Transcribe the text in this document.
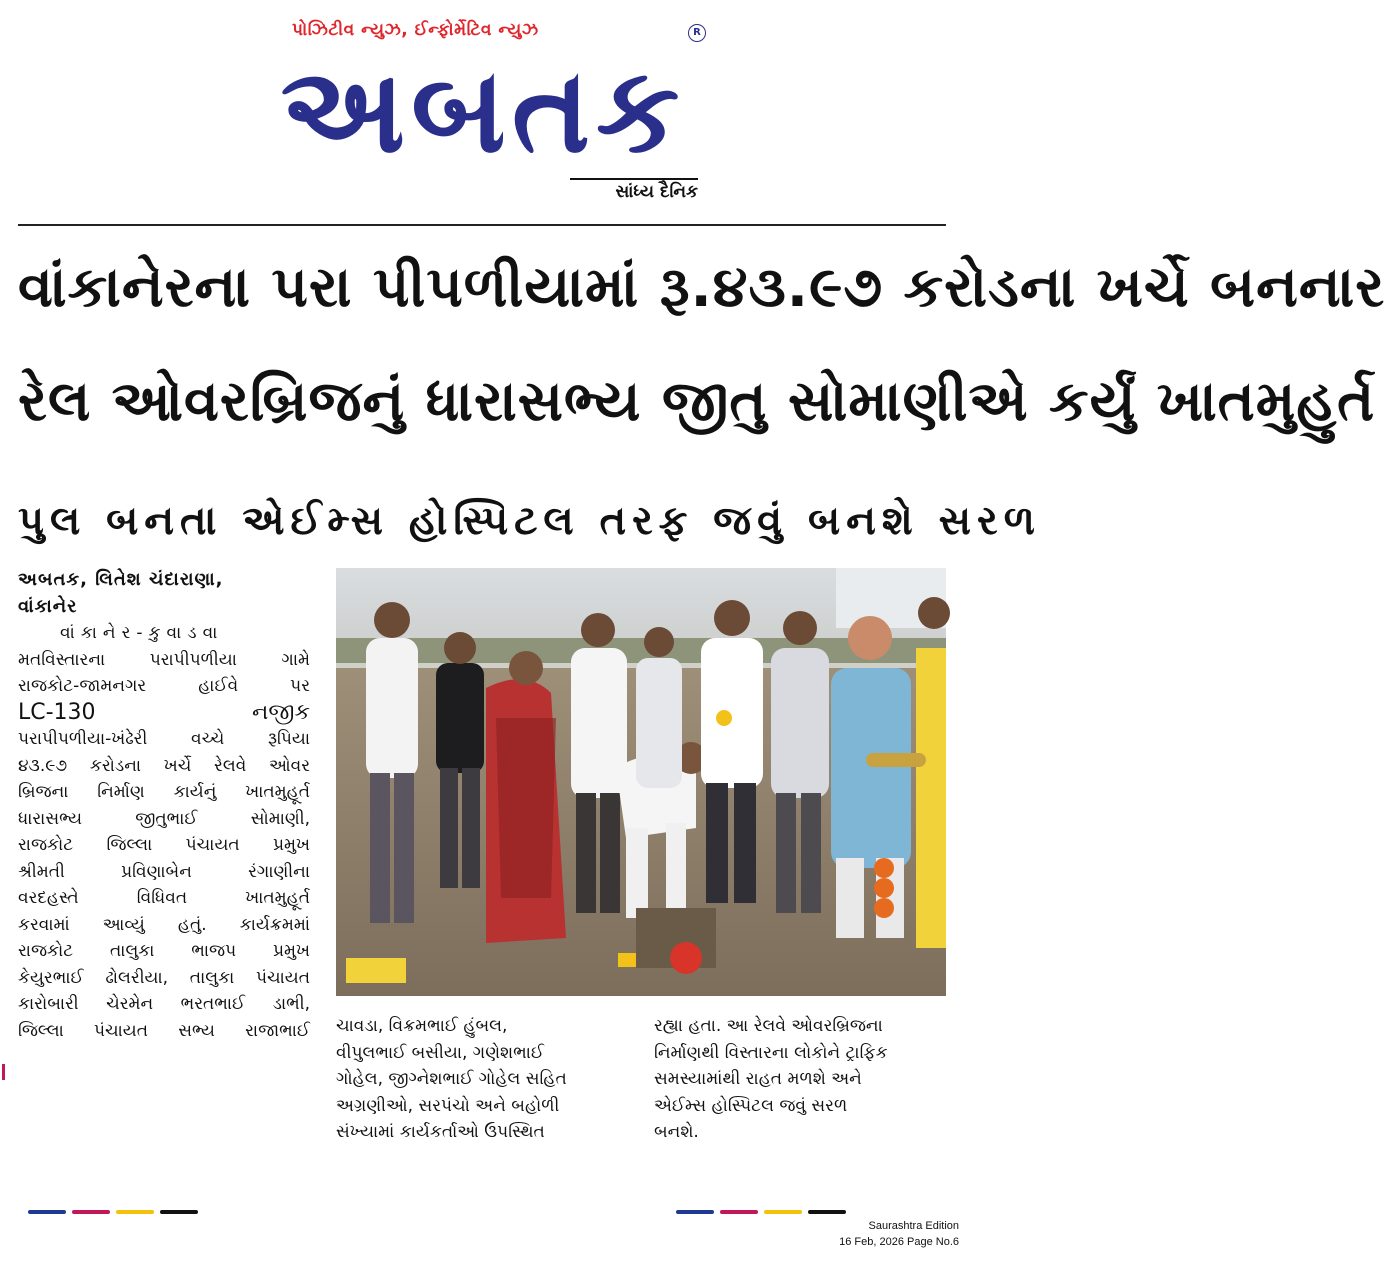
પોઝિટીવ ન્યુઝ, ઈન્ફોર્મેટિવ ન્યુઝ
અબતક
R
સાંધ્ય દૈનિક
વાંકાનેરના પરા પીપળીયામાં રૂ.૪૩.૯૭ કરોડના ખર્ચે બનનાર
રેલ ઓવરબ્રિજનું ધારાસભ્ય જીતુ સોમાણીએ કર્યું ખાતમુહુર્ત
પુલ બનતા એઈમ્સ હોસ્પિટલ તરફ જવું બનશે સરળ
અબતક, લિતેશ ચંદારાણા,
વાંકાનેર
વાંકાનેર-કુવાડવા
મતવિસ્તારના પરાપીપળીયા ગામે
રાજકોટ-જામનગર હાઈવે પર
LC-130 નજીક
પરાપીપળીયા-ખંઢેરી વચ્ચે રૂપિયા
૪૩.૯૭ કરોડના ખર્ચે રેલવે ઓવર
બ્રિજના નિર્માણ કાર્યનું ખાતમુહૂર્ત
ધારાસભ્ય જીતુભાઈ સોમાણી,
રાજકોટ જિલ્લા પંચાયત પ્રમુખ
શ્રીમતી પ્રવિણાબેન રંગાણીના
વરદહસ્તે વિધિવત ખાતમુહૂર્ત
કરવામાં આવ્યું હતું. કાર્યક્રમમાં
રાજકોટ તાલુકા ભાજપ પ્રમુખ
કેયુરભાઈ ઢોલરીયા, તાલુકા પંચાયત
કારોબારી ચેરમેન ભરતભાઈ ડાભી,
જિલ્લા પંચાયત સભ્ય રાજાભાઈ ચાવડા, વિક્રમભાઈ હુંબલ,
વીપુલભાઈ બસીયા, ગણેશભાઈ
ગોહેલ, જીગ્નેશભાઈ ગોહેલ સહિત
અગ્રણીઓ, સરપંચો અને બહોળી
સંખ્યામાં કાર્યકર્તાઓ ઉપસ્થિત
રહ્યા હતા. આ રેલવે ઓવરબ્રિજના
નિર્માણથી વિસ્તારના લોકોને ટ્રાફિક
સમસ્યામાંથી રાહત મળશે અને
એઈમ્સ હોસ્પિટલ જવું સરળ
બનશે.
Saurashtra Edition
16 Feb, 2026 Page No.6
